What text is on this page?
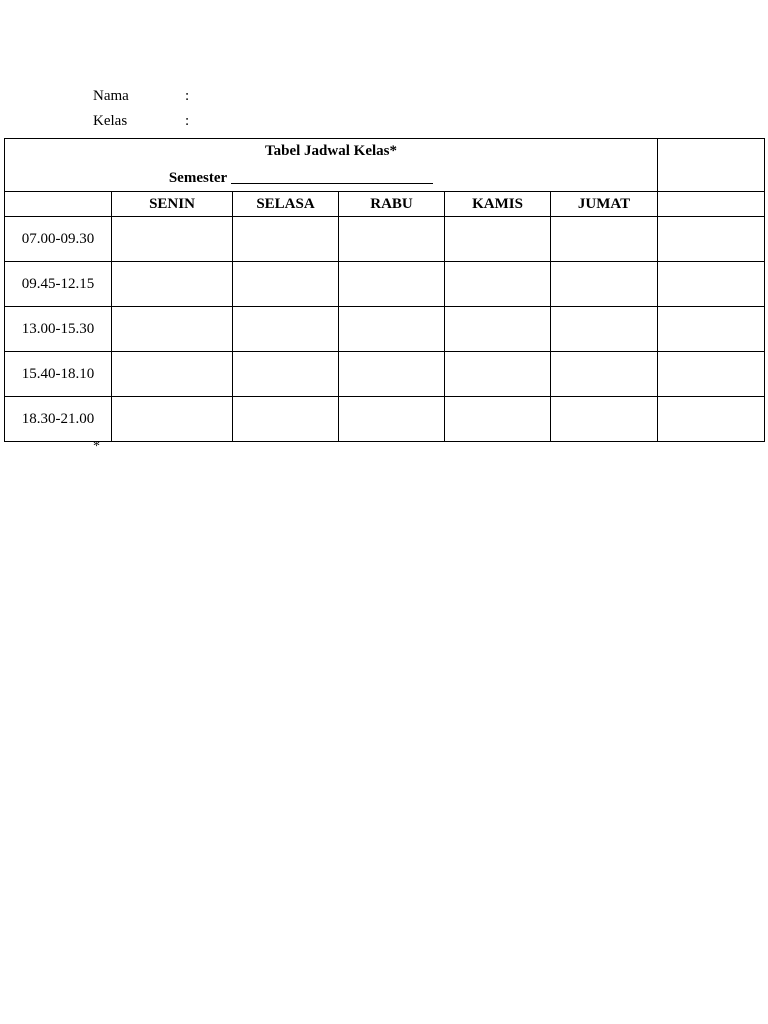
Nama	:
Kelas	:
Tabel Jadwal Kelas*
Semester						

	SENIN	SELASA	RABU	KAMIS	JUMAT	
07.00-09.30						
09.45-12.15						
13.00-15.30						
15.40-18.10						
18.30-21.00						
*
